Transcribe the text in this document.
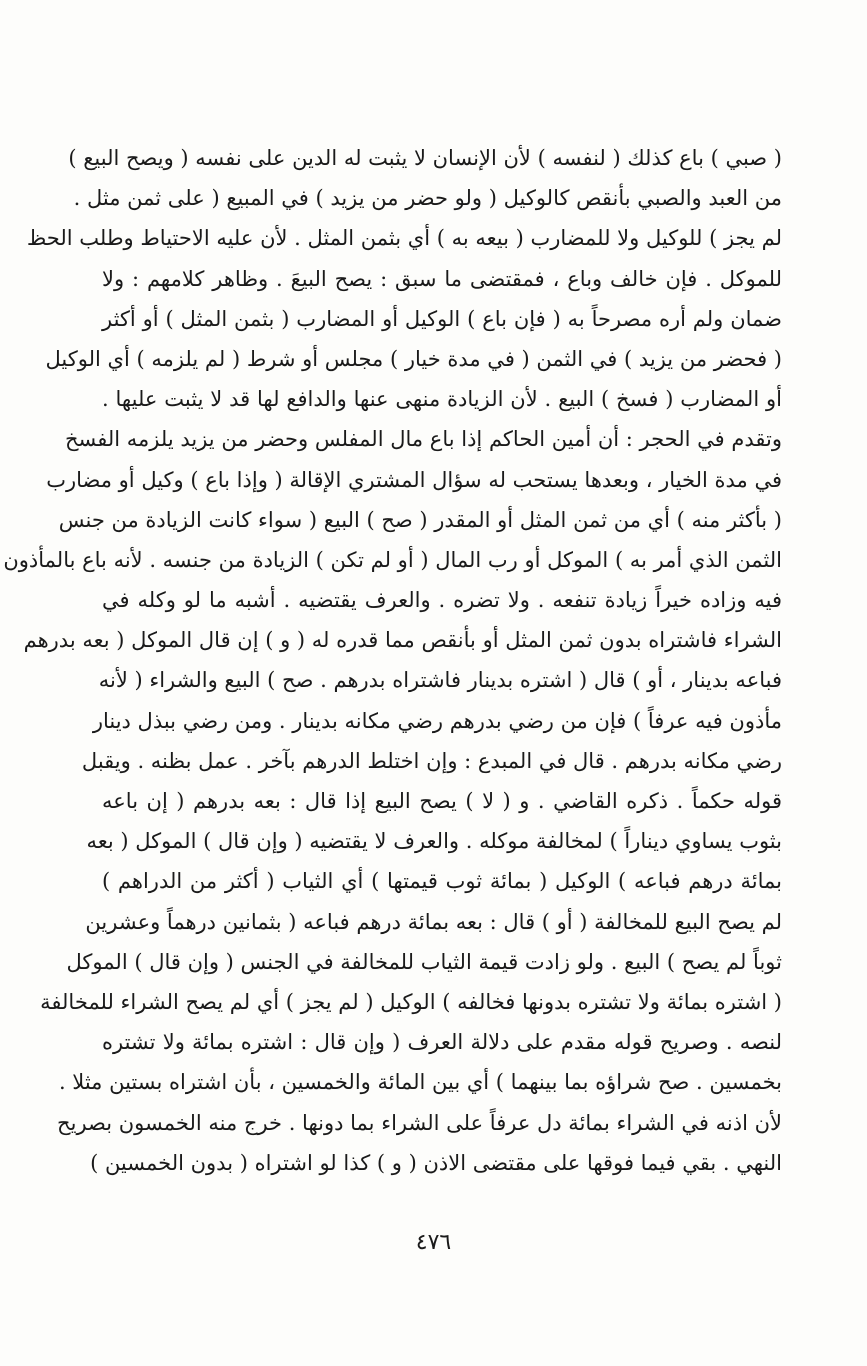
( صبي ) باع كذلك ( لنفسه ) لأن الإنسان لا يثبت له الدين على نفسه ( ويصح البيع )
من العبد والصبي بأنقص كالوكيل ( ولو حضر من يزيد ) في المبيع ( على ثمن مثل .
لم يجز ) للوكيل ولا للمضارب ( بيعه به ) أي بثمن المثل . لأن عليه الاحتياط وطلب الحظ
للموكل . فإن خالف وباع ، فمقتضى ما سبق : يصح البيعَ . وظاهر كلامهم : ولا
ضمان ولم أره مصرحاً به ( فإن باع ) الوكيل أو المضارب ( بثمن المثل ) أو أكثر
( فحضر من يزيد ) في الثمن ( في مدة خيار ) مجلس أو شرط ( لم يلزمه ) أي الوكيل
أو المضارب ( فسخ ) البيع . لأن الزيادة منهى عنها والدافع لها قد لا يثبت عليها .
وتقدم في الحجر : أن أمين الحاكم إذا باع مال المفلس وحضر من يزيد يلزمه الفسخ
في مدة الخيار ، وبعدها يستحب له سؤال المشتري الإقالة ( وإذا باع ) وكيل أو مضارب
( بأكثر منه ) أي من ثمن المثل أو المقدر ( صح ) البيع ( سواء كانت الزيادة من جنس
الثمن الذي أمر به ) الموكل أو رب المال ( أو لم تكن ) الزيادة من جنسه . لأنه باع بالمأذون
فيه وزاده خيراً زيادة تنفعه . ولا تضره . والعرف يقتضيه . أشبه ما لو وكله في
الشراء فاشتراه بدون ثمن المثل أو بأنقص مما قدره له ( و ) إن قال الموكل ( بعه بدرهم
فباعه بدينار ، أو ) قال ( اشتره بدينار فاشتراه بدرهم . صح ) البيع والشراء ( لأنه
مأذون فيه عرفاً ) فإن من رضي بدرهم رضي مكانه بدينار . ومن رضي ببذل دينار
رضي مكانه بدرهم . قال في المبدع : وإن اختلط الدرهم بآخر . عمل بظنه . ويقبل
قوله حكماً . ذكره القاضي . و ( لا ) يصح البيع إذا قال : بعه بدرهم ( إن باعه
بثوب يساوي ديناراً ) لمخالفة موكله . والعرف لا يقتضيه ( وإن قال ) الموكل ( بعه
بمائة درهم فباعه ) الوكيل ( بمائة ثوب قيمتها ) أي الثياب ( أكثر من الدراهم )
لم يصح البيع للمخالفة ( أو ) قال : بعه بمائة درهم فباعه ( بثمانين درهماً وعشرين
ثوباً لم يصح ) البيع . ولو زادت قيمة الثياب للمخالفة في الجنس ( وإن قال ) الموكل
( اشتره بمائة ولا تشتره بدونها فخالفه ) الوكيل ( لم يجز ) أي لم يصح الشراء للمخالفة
لنصه . وصريح قوله مقدم على دلالة العرف ( وإن قال : اشتره بمائة ولا تشتره
بخمسين . صح شراؤه بما بينهما ) أي بين المائة والخمسين ، بأن اشتراه بستين مثلا .
لأن اذنه في الشراء بمائة دل عرفاً على الشراء بما دونها . خرج منه الخمسون بصريح
النهي . بقي فيما فوقها على مقتضى الاذن ( و ) كذا لو اشتراه ( بدون الخمسين )
٤٧٦
